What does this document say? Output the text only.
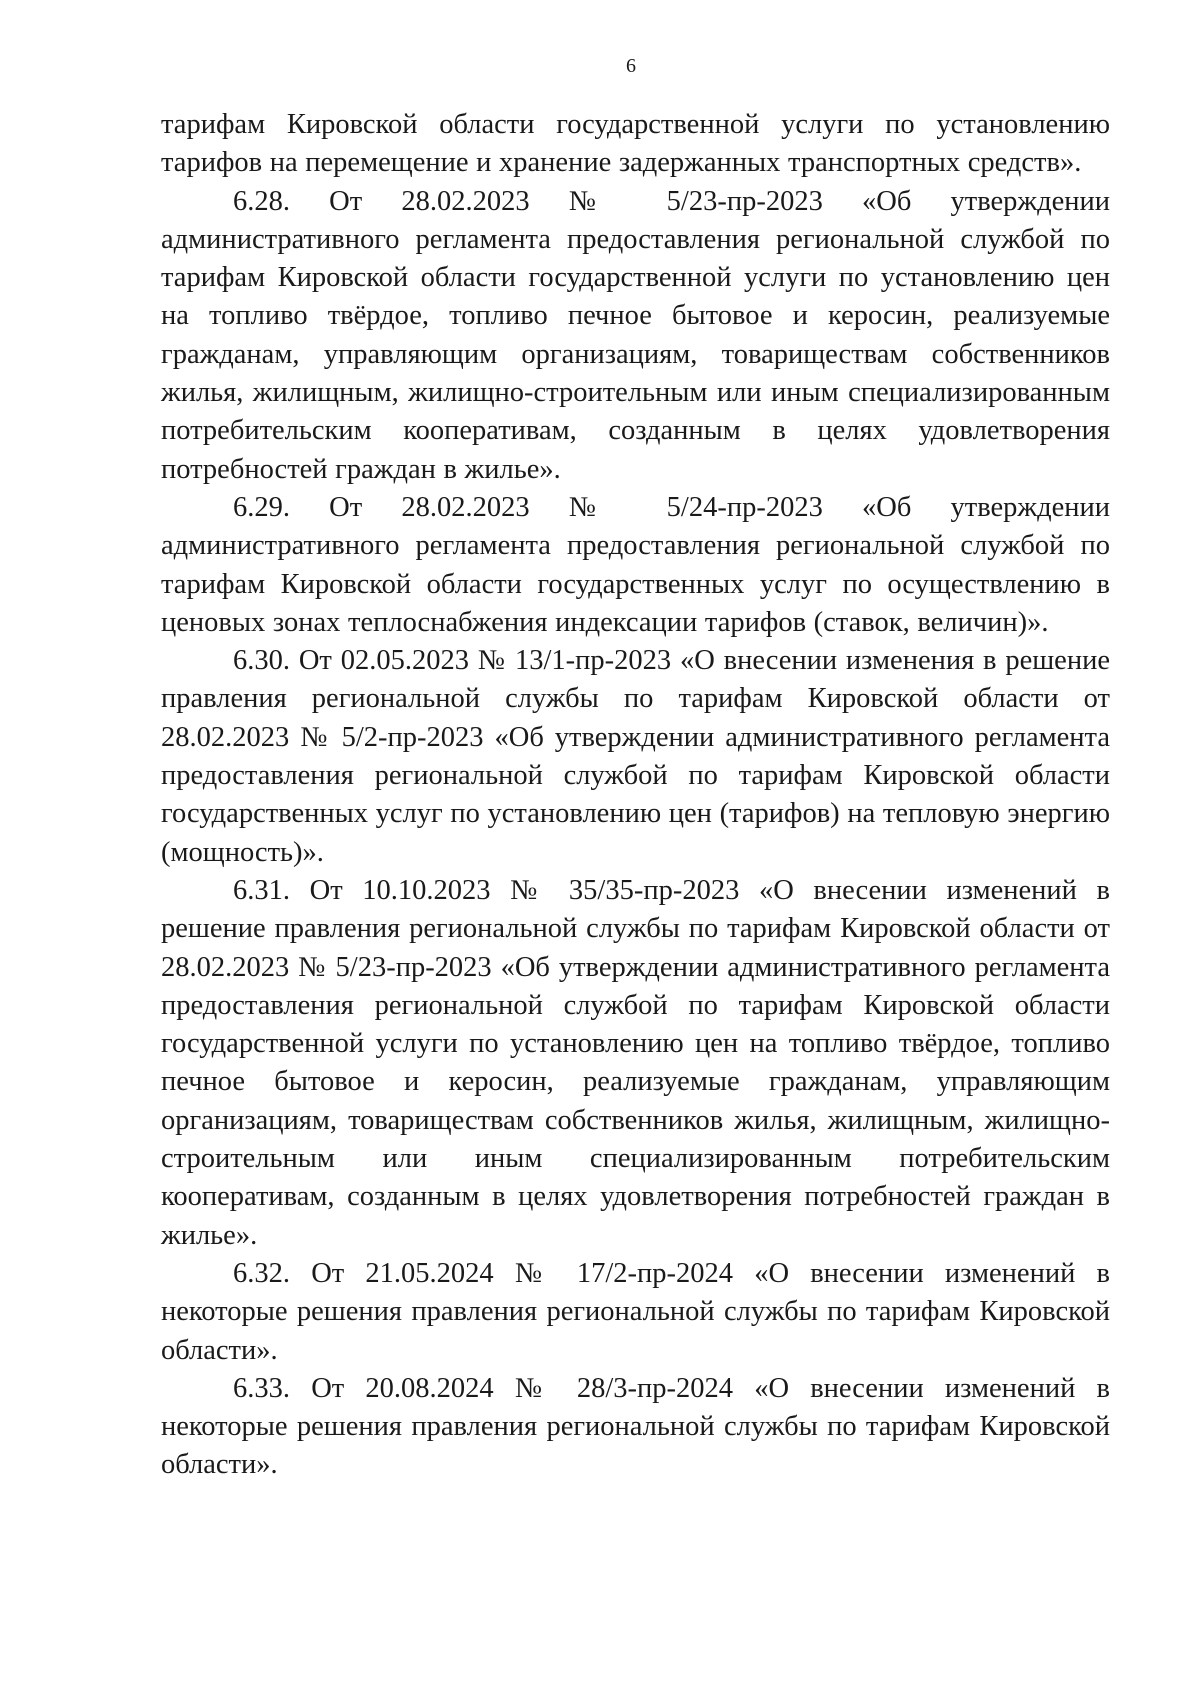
6

тарифам Кировской области государственной услуги по установлению тарифов на перемещение и хранение задержанных транспортных средств».

6.28. От 28.02.2023 № 5/23-пр-2023 «Об утверждении административного регламента предоставления региональной службой по тарифам Кировской области государственной услуги по установлению цен на топливо твёрдое, топливо печное бытовое и керосин, реализуемые гражданам, управляющим организациям, товариществам собственников жилья, жилищным, жилищно-строительным или иным специализированным потребительским кооперативам, созданным в целях удовлетворения потребностей граждан в жилье».

6.29. От 28.02.2023 № 5/24-пр-2023 «Об утверждении административного регламента предоставления региональной службой по тарифам Кировской области государственных услуг по осуществлению в ценовых зонах теплоснабжения индексации тарифов (ставок, величин)».

6.30. От 02.05.2023 № 13/1-пр-2023 «О внесении изменения в решение правления региональной службы по тарифам Кировской области от 28.02.2023 № 5/2-пр-2023 «Об утверждении административного регламента предоставления региональной службой по тарифам Кировской области государственных услуг по установлению цен (тарифов) на тепловую энергию (мощность)».

6.31. От 10.10.2023 № 35/35-пр-2023 «О внесении изменений в решение правления региональной службы по тарифам Кировской области от 28.02.2023 № 5/23-пр-2023 «Об утверждении административного регламента предоставления региональной службой по тарифам Кировской области государственной услуги по установлению цен на топливо твёрдое, топливо печное бытовое и керосин, реализуемые гражданам, управляющим организациям, товариществам собственников жилья, жилищным, жилищно-строительным или иным специализированным потребительским кооперативам, созданным в целях удовлетворения потребностей граждан в жилье».

6.32. От 21.05.2024 № 17/2-пр-2024 «О внесении изменений в некоторые решения правления региональной службы по тарифам Кировской области».

6.33. От 20.08.2024 № 28/3-пр-2024 «О внесении изменений в некоторые решения правления региональной службы по тарифам Кировской области».
